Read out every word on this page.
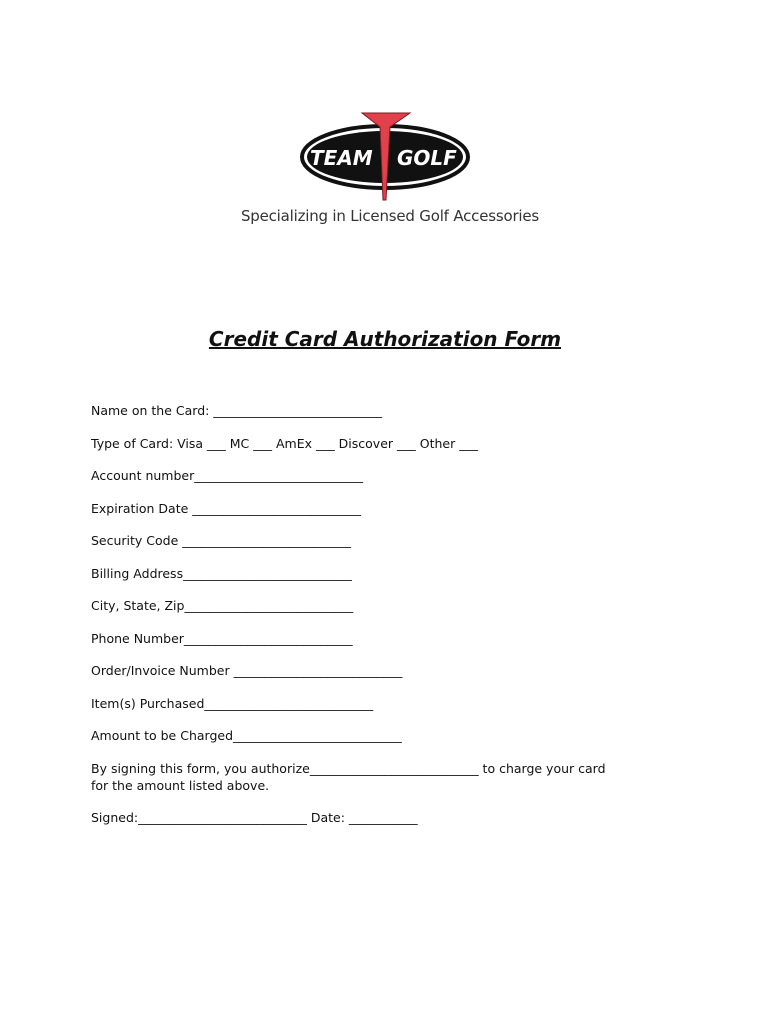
TEAM GOLF
Specializing in Licensed Golf Accessories
Credit Card Authorization Form
Name on the Card: ___________________________
Type of Card: Visa ___ MC ___ AmEx ___ Discover ___ Other ___
Account number___________________________
Expiration Date ___________________________
Security Code ___________________________
Billing Address___________________________
City, State, Zip___________________________
Phone Number___________________________
Order/Invoice Number ___________________________
Item(s) Purchased___________________________
Amount to be Charged___________________________
By signing this form, you authorize___________________________ to charge your card
for the amount listed above.
Signed:___________________________ Date: ___________
